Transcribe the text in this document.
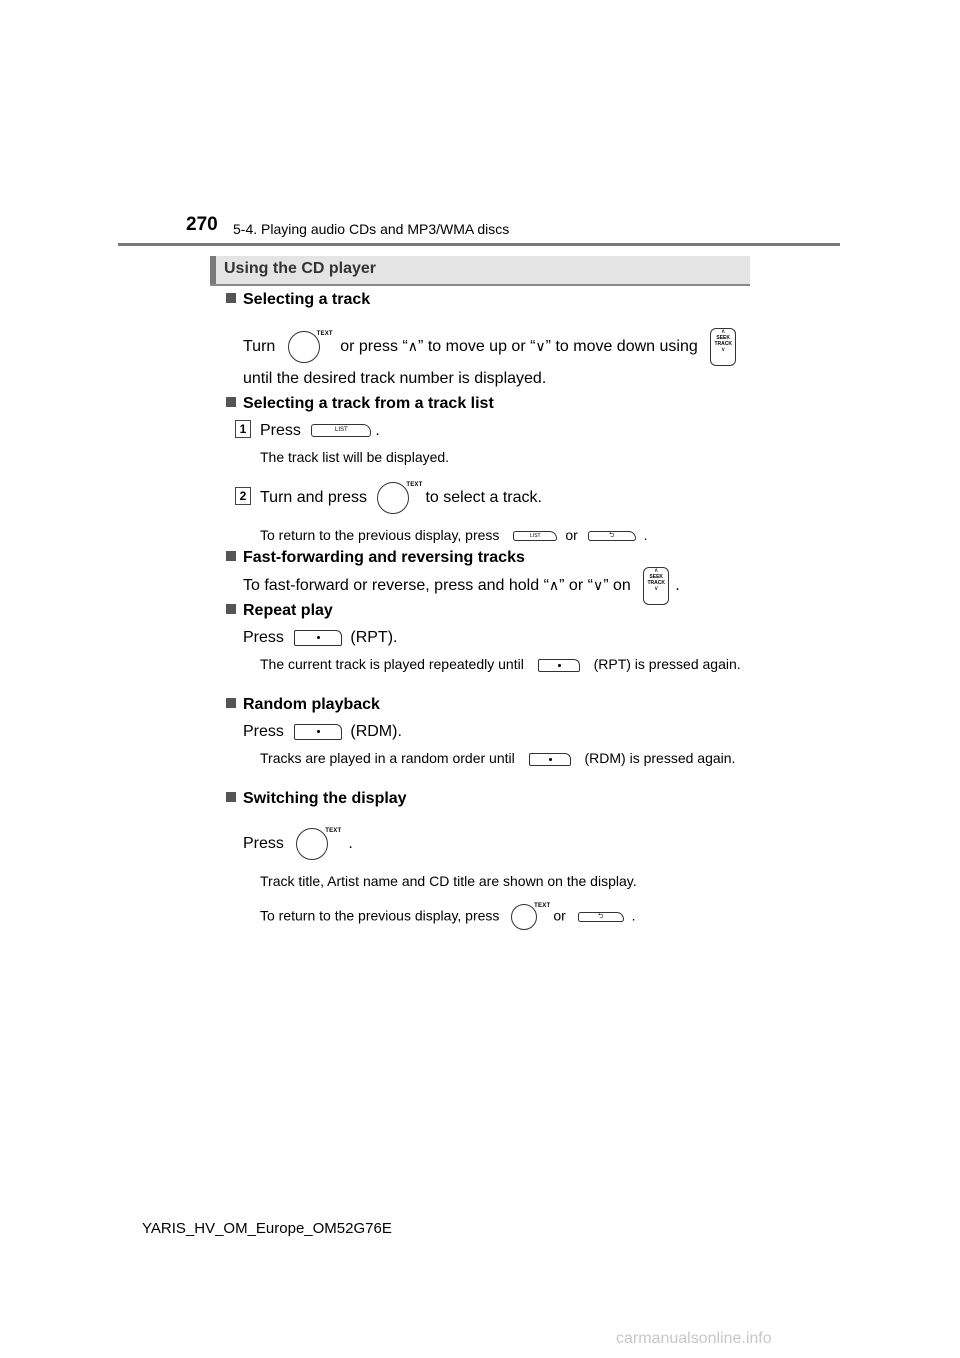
270 5-4. Playing audio CDs and MP3/WMA discs
Using the CD player
Selecting a track
Turn
TEXT
or press “∧” to move up or “∨” to move down using
∧
SEEK
TRACK
∨
until the desired track number is displayed.
Selecting a track from a track list
1 Press	LIST .
The track list will be displayed.
2 Turn and press
TEXT
to select a track.
To return to the previous display, press	LIST or	⮌ .
Fast-forwarding and reversing tracks
To fast-forward or reverse, press and hold “∧” or “∨” on
∧
SEEK
TRACK
∨	.
Repeat play
Press	(RPT).
The current track is played repeatedly until	(RPT) is pressed again.
Random playback
Press	(RDM).
Tracks are played in a random order until	(RDM) is pressed again.
Switching the display
Press
TEXT
.
Track title, Artist name and CD title are shown on the display.
To return to the previous display, press
TEXT
or	⮌ .
YARIS_HV_OM_Europe_OM52G76E
carmanualsonline.info
